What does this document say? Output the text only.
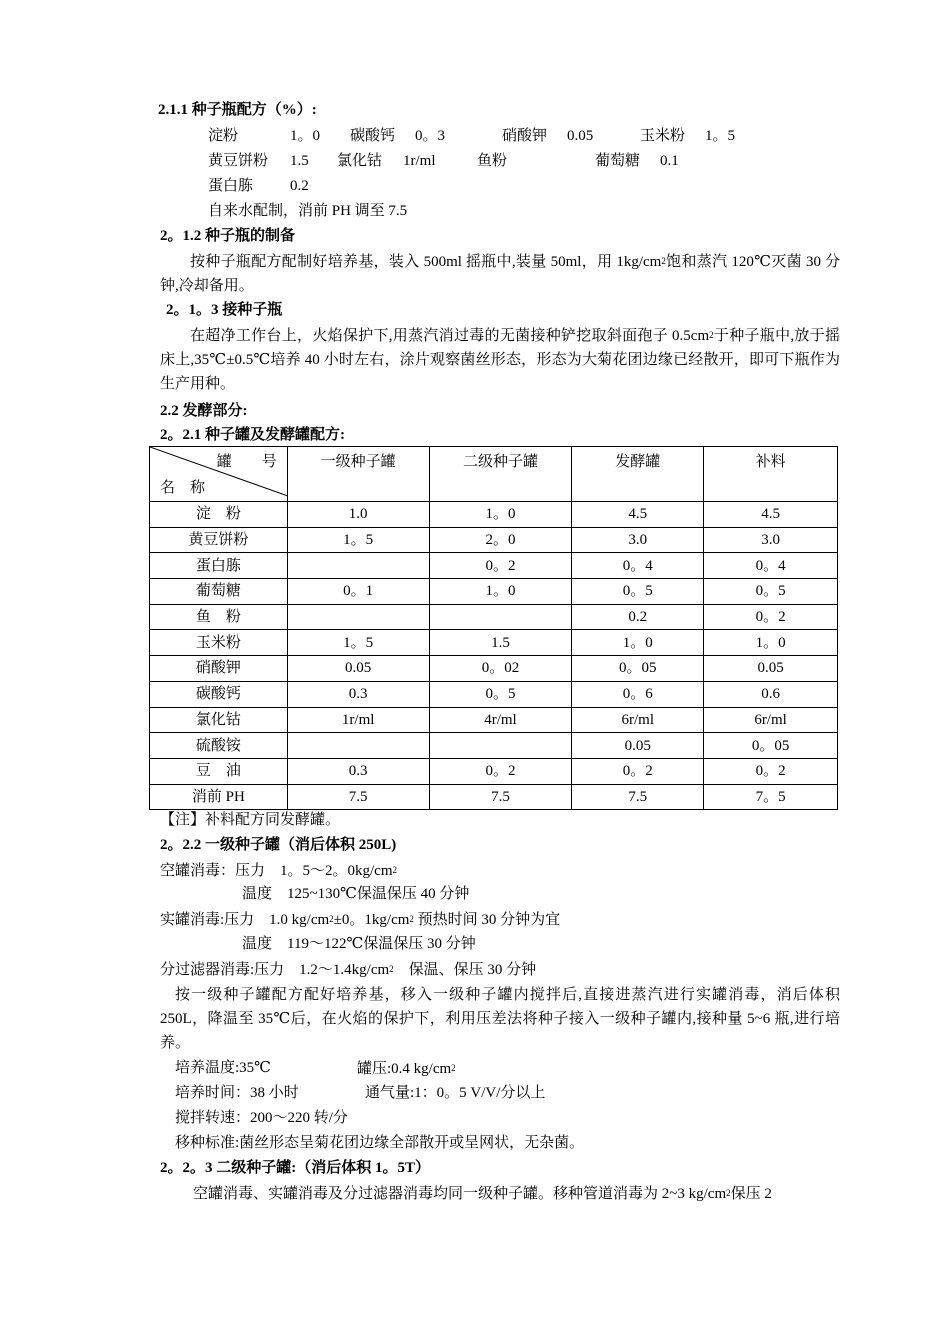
2.1.1 种子瓶配方（%）:
淀粉	1。0 碳酸钙 0。3	硝酸钾 0.05	玉米粉 1。5
黄豆饼粉 1.5 氯化钴 1r/ml	鱼粉	葡萄糖 0.1
蛋白胨 0.2
自来水配制，消前 PH 调至 7.5
2。1.2 种子瓶的制备
按种子瓶配方配制好培养基，装入 500ml 摇瓶中,装量 50ml，用 $1kg/cm^2$饱和蒸汽 120℃灭菌 30 分钟,冷却备用。
2。1。3 接种子瓶
在超净工作台上，火焰保护下,用蒸汽消过毒的无菌接种铲挖取斜面孢子 $0.5cm^2$于种子瓶中,放于摇床上,35℃±0.5℃培养 40 小时左右，涂片观察菌丝形态，形态为大菊花团边缘已经散开，即可下瓶作为生产用种。
2.2 发酵部分:
2。2.1 种子罐及发酵罐配方:
罐　　号
名　称	一级种子罐	二级种子罐	发酵罐	补料
淀　粉	1.0	1。0	4.5	4.5
黄豆饼粉	1。5	2。0	3.0	3.0
蛋白胨		0。2	0。4	0。4
葡萄糖	0。1	1。0	0。5	0。5
鱼　粉			0.2	0。2
玉米粉	1。5	1.5	1。0	1。0
硝酸钾	0.05	0。02	0。05	0.05
碳酸钙	0.3	0。5	0。6	0.6
氯化钴	1r/ml	4r/ml	6r/ml	6r/ml
硫酸铵			0.05	0。05
豆　油	0.3	0。2	0。2	0。2
消前 PH	7.5	7.5	7.5	7。5
【注】补料配方同发酵罐。
2。2.2 一级种子罐（消后体积 250L)
空罐消毒：压力　1。5～2。$0kg/cm^2$
温度　125~130℃保温保压 40 分钟
实罐消毒:压力　1.0 $kg/cm^2\pm 0$。$1kg/cm^2$ 预热时间 30 分钟为宜
温度　119～122℃保温保压 30 分钟
分过滤器消毒:压力　$1.2\sim 1.4kg/cm^2$　保温、保压 30 分钟
按一级种子罐配方配好培养基，移入一级种子罐内搅拌后,直接进蒸汽进行实罐消毒，消后体积 250L，降温至 35℃后，在火焰的保护下，利用压差法将种子接入一级种子罐内,接种量 5~6 瓶,进行培养。
培养温度:35℃	罐压:0.4 $kg/cm^2$
培养时间：38 小时	通气量:1：0。5 V/V/分以上
搅拌转速：200～220 转/分
移种标准:菌丝形态呈菊花团边缘全部散开或呈网状，无杂菌。
2。2。3 二级种子罐:（消后体积 1。5T）
空罐消毒、实罐消毒及分过滤器消毒均同一级种子罐。移种管道消毒为 2~3 $kg/cm^2$保压 2
